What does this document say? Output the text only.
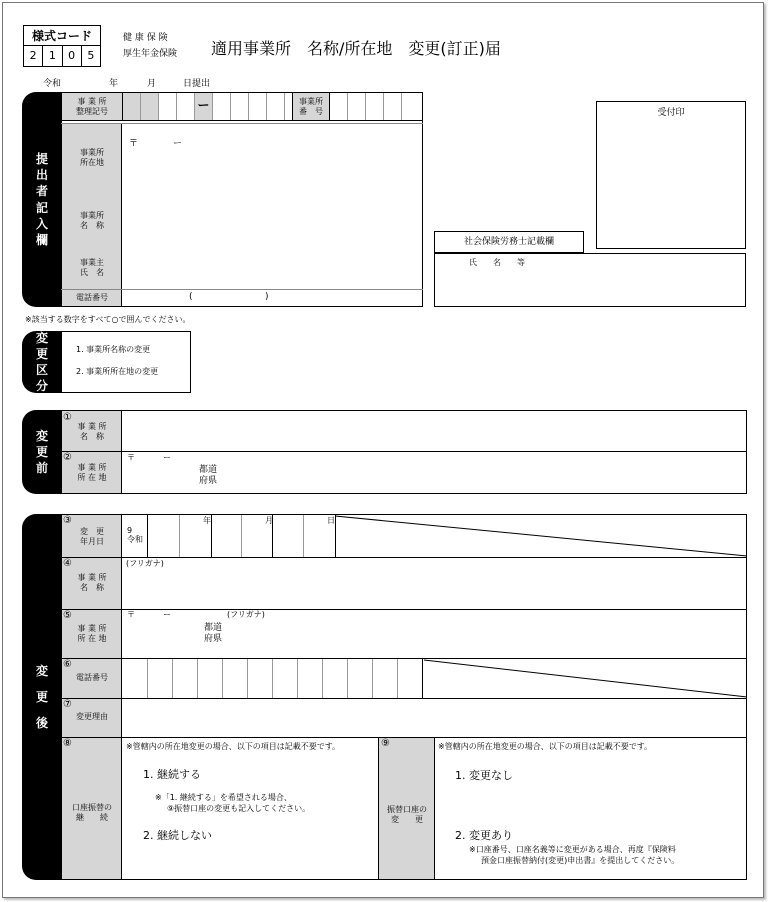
様式コード
2	1	0	5
健 康 保 険
厚生年金保険 適用事業所　名称/所在地　変更(訂正)届
令和	年	月	日提出
提
出
者
記
入
欄
事 業 所
整理記号	ー	事業所
番　号
事業所
所在地
〒	ー
事業所
名　称
事業主
氏　名
電話番号	(	)
受付印
社会保険労務士記載欄
氏　　名　　等
※該当する数字をすべて○で囲んでください。
変
更
区
分
1. 事業所名称の変更
2. 事業所所在地の変更
変
更
前
①
事 業 所
名　称
②
事 業 所
所 在 地
〒	ー
都道
府県
変
更
後
③
変　更
年月日
9
令和
年	月	日
④
事 業 所
名　称
(フリガナ)
⑤
事 業 所
所 在 地
〒	ー	(フリガナ)
都道
府県
⑥
電話番号
⑦
変更理由
⑧
口座振替の
継　　続
※管轄内の所在地変更の場合、以下の項目は記載不要です。
1. 継続する
※「1. 継続する」を希望される場合、
⑨振替口座の変更も記入してください。
2. 継続しない
⑨
振替口座の
変　　更
※管轄内の所在地変更の場合、以下の項目は記載不要です。
1. 変更なし
2. 変更あり
※口座番号、口座名義等に変更がある場合、再度『保険料
預金口座振替納付(変更)申出書』を提出してください。
